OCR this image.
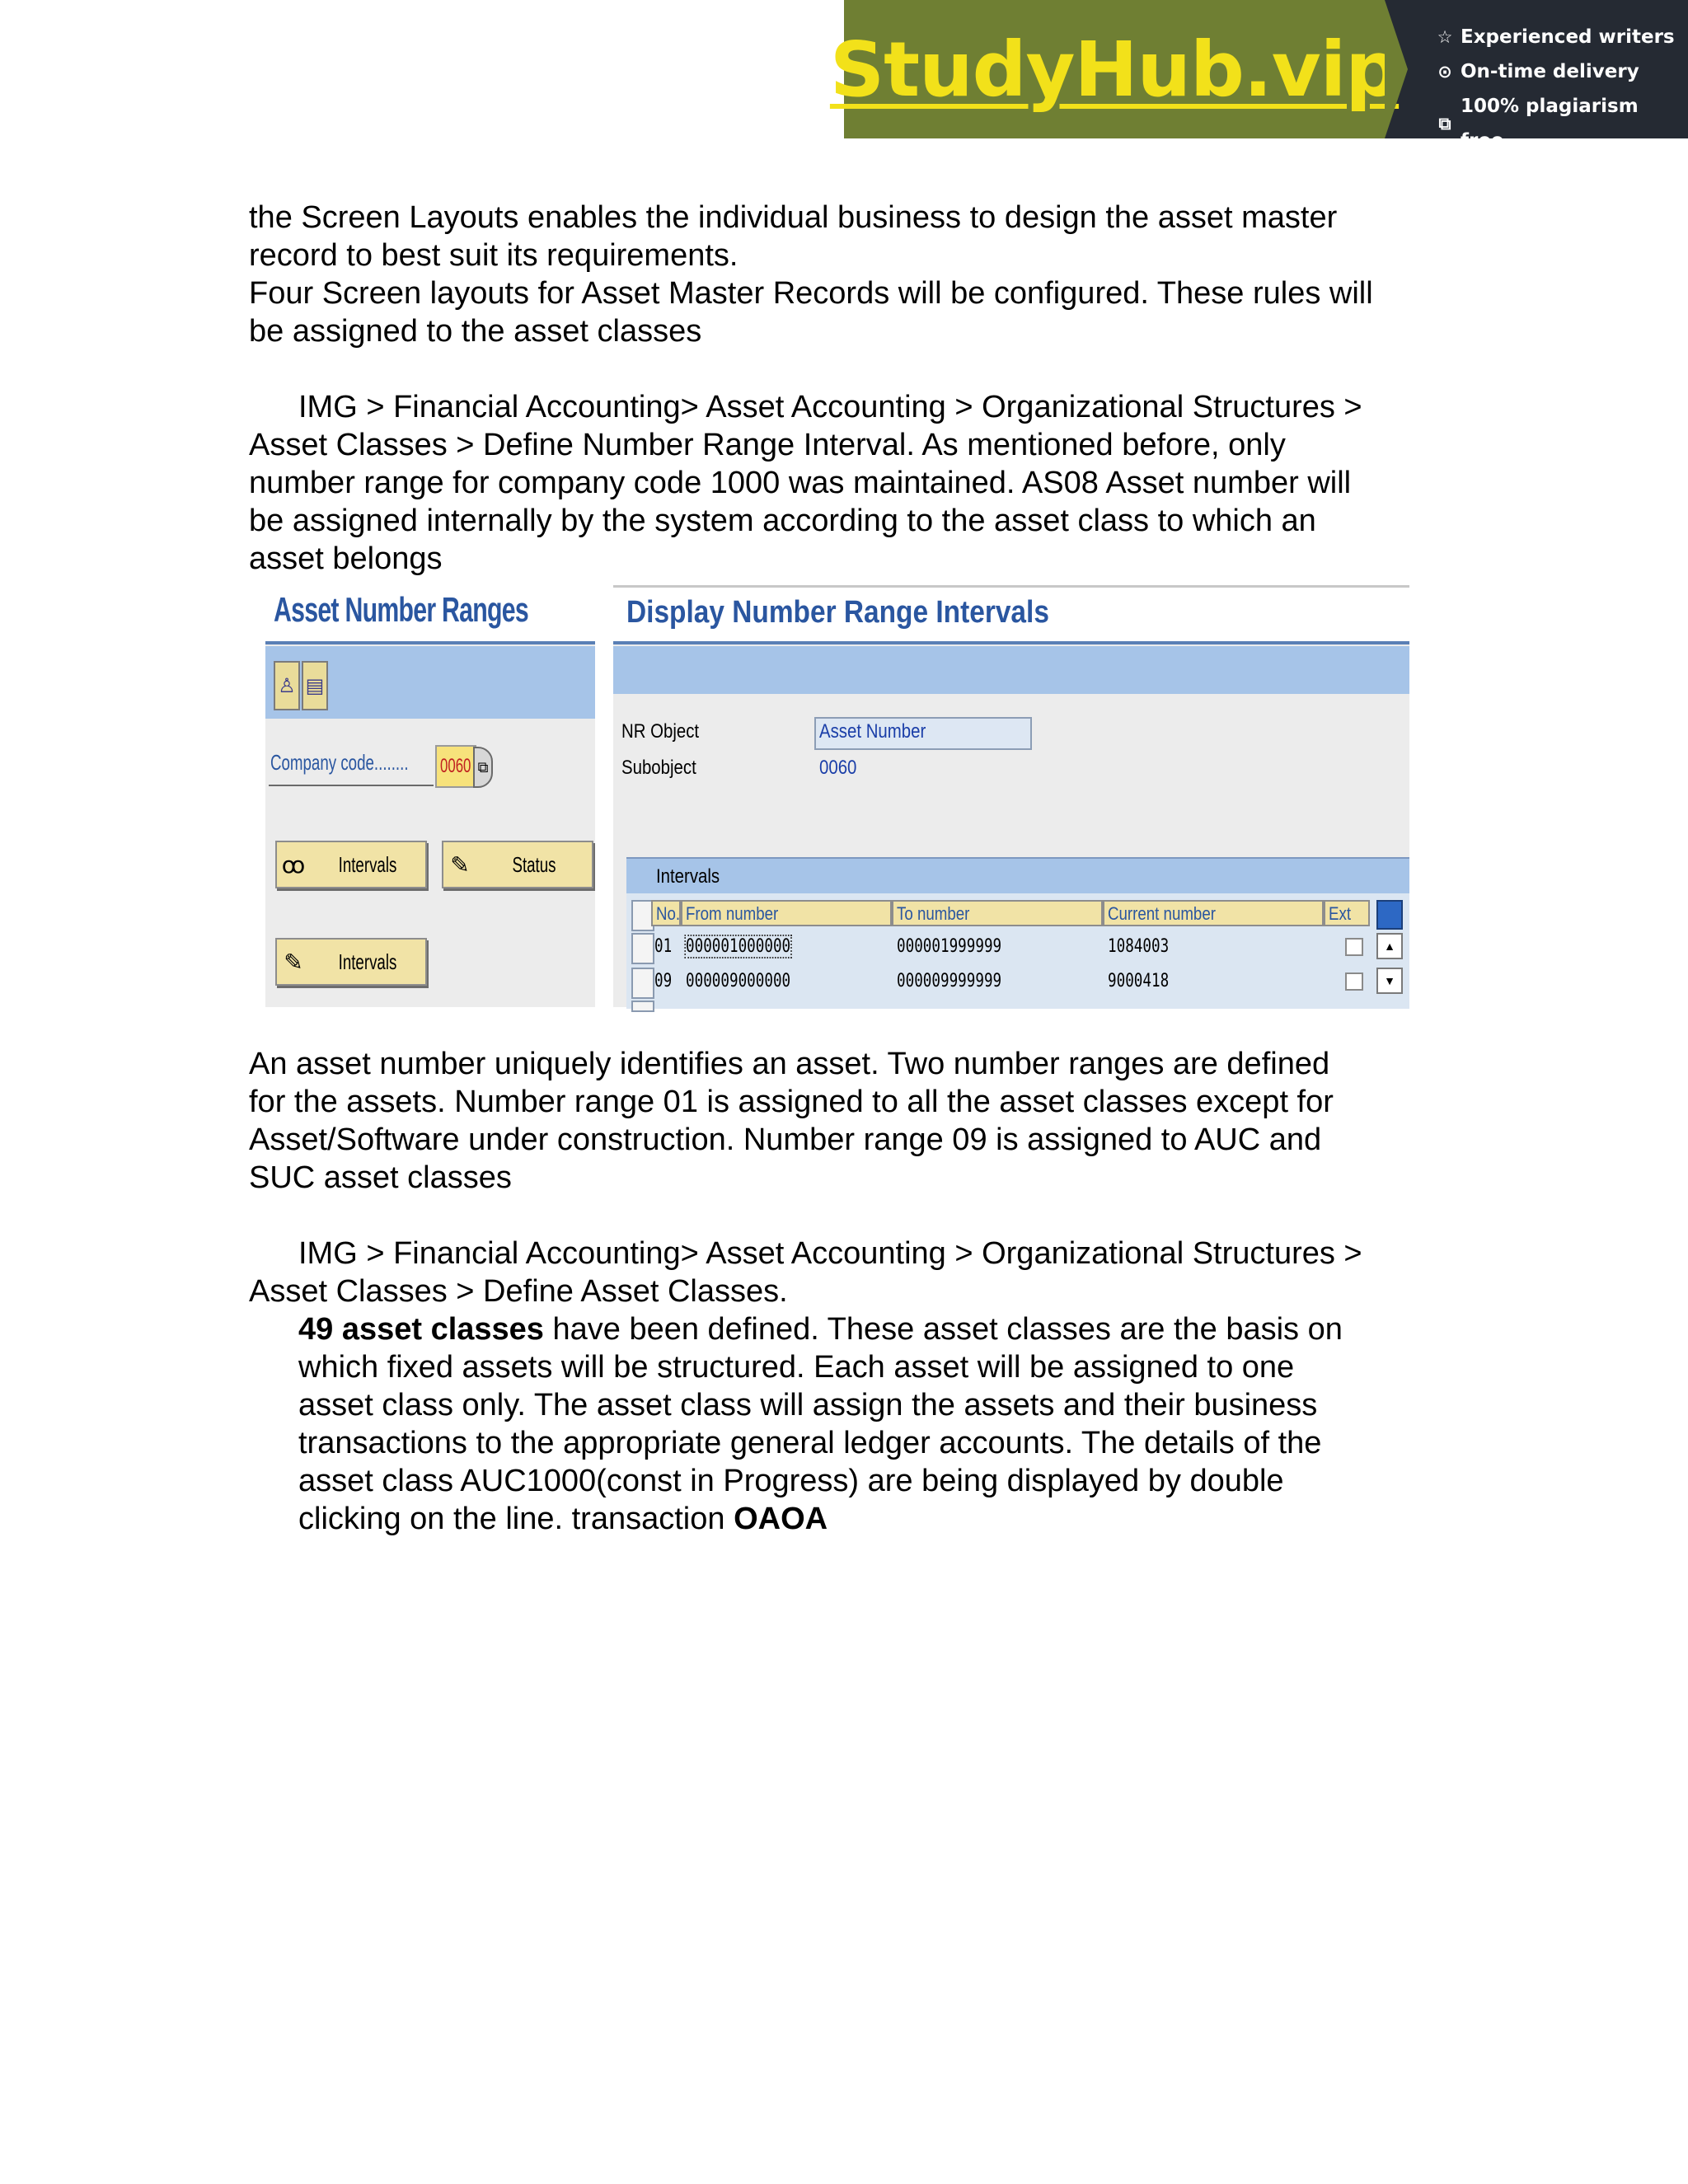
StudyHub.vip ☆ Experienced writers
⊙ On-time delivery
⧉
100% plagiarism free
the Screen Layouts enables the individual business to design the asset master
record to best suit its requirements.
Four Screen layouts for Asset Master Records will be configured. These rules will
be assigned to the asset classes
IMG > Financial Accounting> Asset Accounting > Organizational Structures >
Asset Classes > Define Number Range Interval. As mentioned before, only
number range for company code 1000 was maintained. AS08 Asset number will
be assigned internally by the system according to the asset class to which an
asset belongs
Asset Number Ranges
♙ ▤
Company code........ 0060 ⧉
ꝏ	Intervals	✎	Status
✎	Intervals
Display Number Range Intervals
NR Object	Asset Number
Subobject	0060
Intervals
No. From number	To number	Current number	Ext
01 000001000000	000001999999	1084003	▲
09 000009000000	000009999999	9000418	▼
An asset number uniquely identifies an asset. Two number ranges are defined
for the assets. Number range 01 is assigned to all the asset classes except for
Asset/Software under construction. Number range 09 is assigned to AUC and
SUC asset classes
IMG > Financial Accounting> Asset Accounting > Organizational Structures >
Asset Classes > Define Asset Classes.
49 asset classes have been defined. These asset classes are the basis on
which fixed assets will be structured. Each asset will be assigned to one
asset class only. The asset class will assign the assets and their business
transactions to the appropriate general ledger accounts. The details of the
asset class AUC1000(const in Progress) are being displayed by double
clicking on the line. transaction OAOA
